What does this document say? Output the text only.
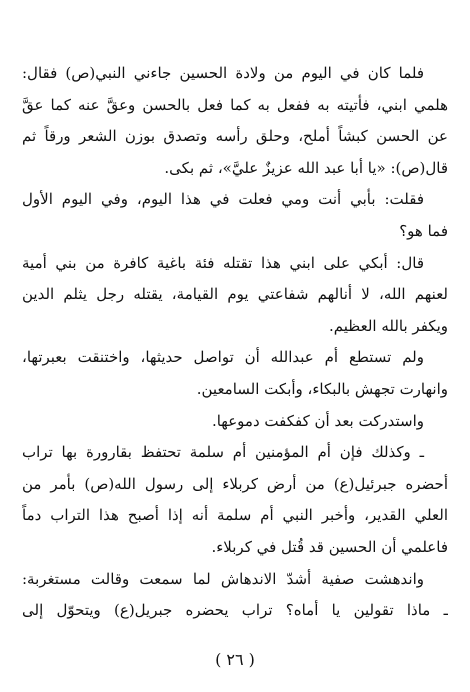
فلما كان في اليوم من ولادة الحسين جاءني النبي(ص) فقال:
هلمي ابني، فأتيته به ففعل به كما فعل بالحسن وعقَّ عنه كما عقَّ
عن الحسن كبشاً أملح، وحلق رأسه وتصدق بوزن الشعر ورقاً ثم
قال(ص): «يا أبا عبد الله عزيزٌ عليَّ»، ثم بكى.
فقلت: بأبي أنت ومي فعلت في هذا اليوم، وفي اليوم الأول
فما هو؟
قال: أبكي على ابني هذا تقتله فئة باغية كافرة من بني أمية
لعنهم الله، لا أنالهم شفاعتي يوم القيامة، يقتله رجل يثلم الدين
ويكفر بالله العظيم.
ولم تستطع أم عبدالله أن تواصل حديثها، واختنقت بعبرتها،
وانهارت تجهش بالبكاء، وأبكت السامعين.
واستدركت بعد أن كفكفت دموعها.
ـ وكذلك فإن أم المؤمنين أم سلمة تحتفظ بقارورة بها تراب
أحضره جبرئيل(ع) من أرض كربلاء إلى رسول الله(ص) بأمر من
العلي القدير، وأخبر النبي أم سلمة أنه إذا أصبح هذا التراب دماً
فاعلمي أن الحسين قد قُتل في كربلاء.
واندهشت صفية أشدّ الاندهاش لما سمعت وقالت مستغربة:
ـ ماذا تقولين يا أماه؟ تراب يحضره جبريل(ع) ويتحوّل إلى
( ٢٦ )
